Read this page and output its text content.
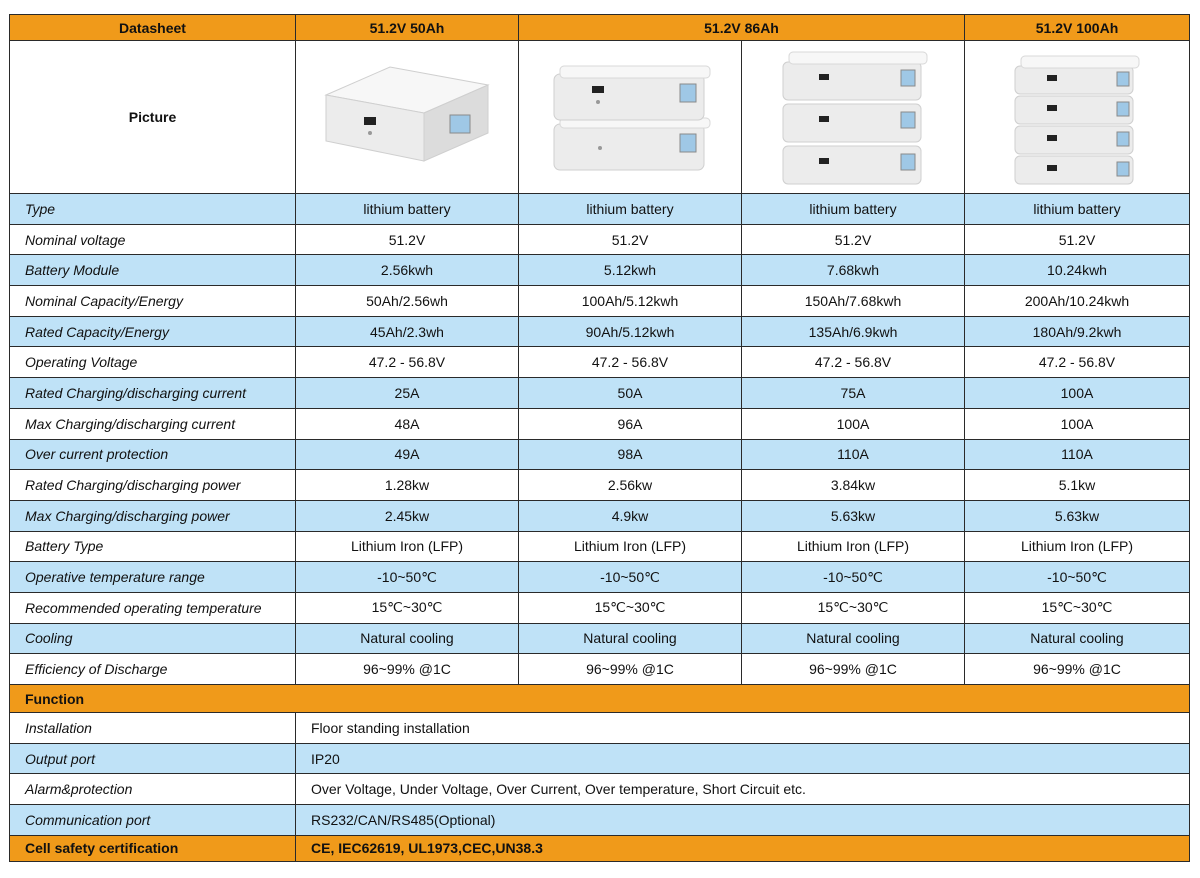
Datasheet	51.2V 50Ah	51.2V 86Ah		51.2V 100Ah
Picture	

Type	lithium battery	lithium battery	lithium battery	lithium battery
Nominal voltage	51.2V	51.2V	51.2V	51.2V
Battery Module	2.56kwh	5.12kwh	7.68kwh	10.24kwh
Nominal Capacity/Energy	50Ah/2.56wh	100Ah/5.12kwh	150Ah/7.68kwh	200Ah/10.24kwh
Rated Capacity/Energy	45Ah/2.3wh	90Ah/5.12kwh	135Ah/6.9kwh	180Ah/9.2kwh
Operating Voltage	47.2 - 56.8V	47.2 - 56.8V	47.2 - 56.8V	47.2 - 56.8V
Rated Charging/discharging current	25A	50A	75A	100A
Max Charging/discharging current	48A	96A	100A	100A
Over current protection	49A	98A	110A	110A
Rated Charging/discharging power	1.28kw	2.56kw	3.84kw	5.1kw
Max Charging/discharging power	2.45kw	4.9kw	5.63kw	5.63kw
Battery Type	Lithium Iron (LFP)	Lithium Iron (LFP)	Lithium Iron (LFP)	Lithium Iron (LFP)
Operative temperature range	-10~50℃	-10~50℃	-10~50℃	-10~50℃
Recommended operating temperature	15℃~30℃	15℃~30℃	15℃~30℃	15℃~30℃
Cooling	Natural cooling	Natural cooling	Natural cooling	Natural cooling
Efficiency of Discharge	96~99% @1C	96~99% @1C	96~99% @1C	96~99% @1C
Function				
Installation	Floor standing installation			
Output port	IP20			
Alarm&protection	Over Voltage, Under Voltage, Over Current, Over temperature, Short Circuit etc.			
Communication port	RS232/CAN/RS485(Optional)			
Cell safety certification	CE, IEC62619, UL1973,CEC,UN38.3			
